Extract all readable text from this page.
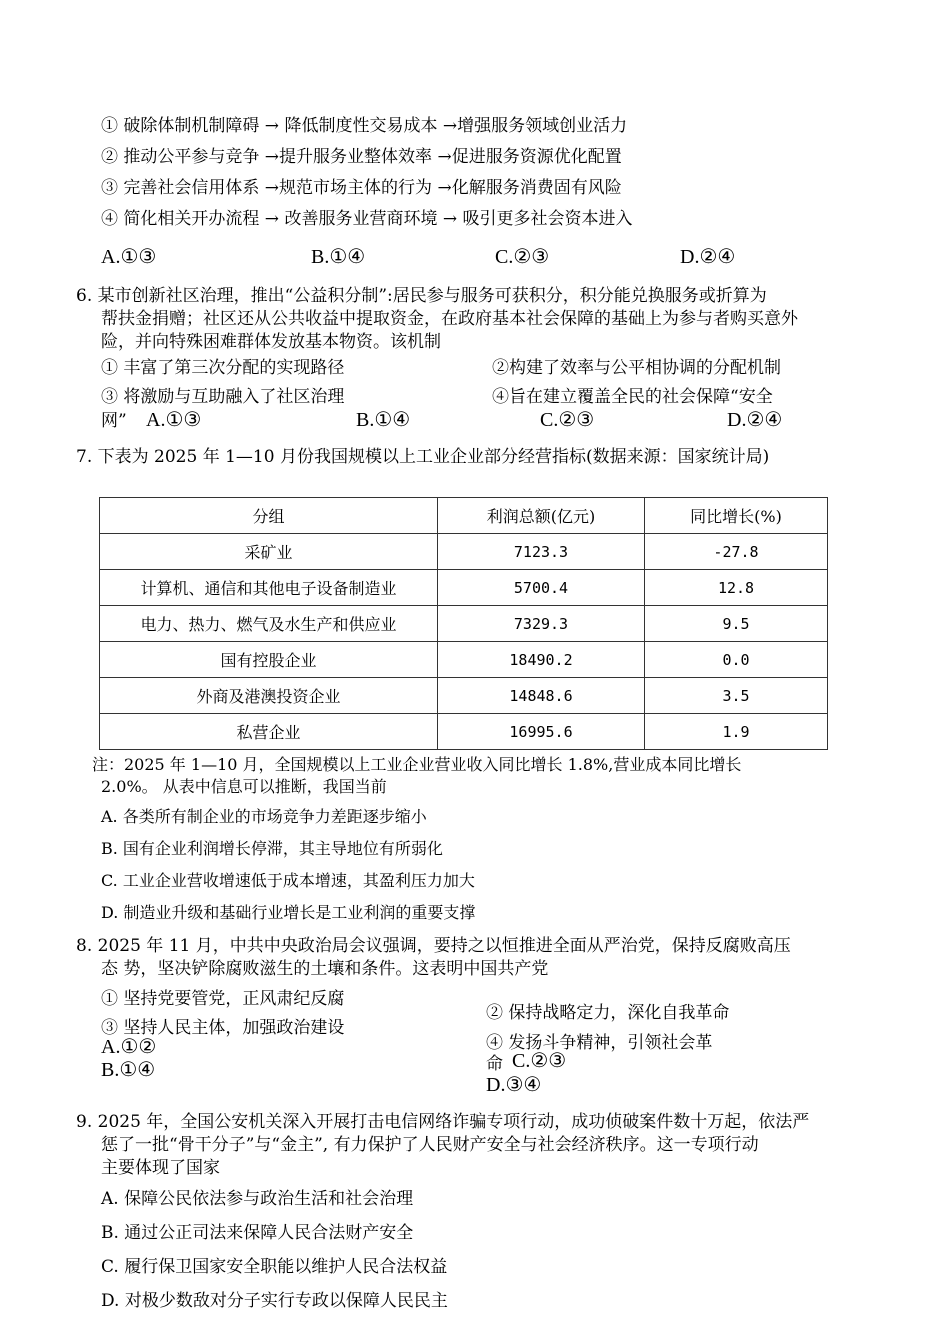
① 破除体制机制障碍 → 降低制度性交易成本 →增强服务领域创业活力
② 推动公平参与竞争 →提升服务业整体效率 →促进服务资源优化配置
③ 完善社会信用体系 →规范市场主体的行为 →化解服务消费固有风险
④ 简化相关开办流程 → 改善服务业营商环境 → 吸引更多社会资本进入
A.①③	B.①④	C.②③	D.②④
6. 某市创新社区治理，推出“公益积分制”:居民参与服务可获积分，积分能兑换服务或折算为
帮扶金捐赠；社区还从公共收益中提取资金，在政府基本社会保障的基础上为参与者购买意外
险，并向特殊困难群体发放基本物资。该机制
① 丰富了第三次分配的实现路径	②构建了效率与公平相协调的分配机制
③ 将激励与互助融入了社区治理	④旨在建立覆盖全民的社会保障“安全
网” A.①③	B.①④	C.②③	D.②④
7. 下表为 2025 年 1—10 月份我国规模以上工业企业部分经营指标(数据来源：国家统计局)
分组	利润总额(亿元)	同比增长(%)
采矿业	7123.3	-27.8
计算机、通信和其他电子设备制造业	5700.4	12.8
电力、热力、燃气及水生产和供应业	7329.3	9.5
国有控股企业	18490.2	0.0
外商及港澳投资企业	14848.6	3.5
私营企业	16995.6	1.9
注：2025 年 1—10 月，全国规模以上工业企业营业收入同比增长 1.8%,营业成本同比增长
2.0%。 从表中信息可以推断，我国当前
A. 各类所有制企业的市场竞争力差距逐步缩小
B. 国有企业利润增长停滞，其主导地位有所弱化
C. 工业企业营收增速低于成本增速，其盈利压力加大
D. 制造业升级和基础行业增长是工业利润的重要支撑
8. 2025 年 11 月，中共中央政治局会议强调，要持之以恒推进全面从严治党，保持反腐败高压
态 势，坚决铲除腐败滋生的土壤和条件。这表明中国共产党
① 坚持党要管党，正风肃纪反腐
② 保持战略定力，深化自我革命
③ 坚持人民主体，加强政治建设
A.①②	④ 发扬斗争精神，引领社会革
命 C.②③
B.①④
D.③④
9. 2025 年，全国公安机关深入开展打击电信网络诈骗专项行动，成功侦破案件数十万起，依法严
惩了一批“骨干分子”与“金主”, 有力保护了人民财产安全与社会经济秩序。这一专项行动
主要体现了国家
A. 保障公民依法参与政治生活和社会治理
B. 通过公正司法来保障人民合法财产安全
C. 履行保卫国家安全职能以维护人民合法权益
D. 对极少数敌对分子实行专政以保障人民民主
